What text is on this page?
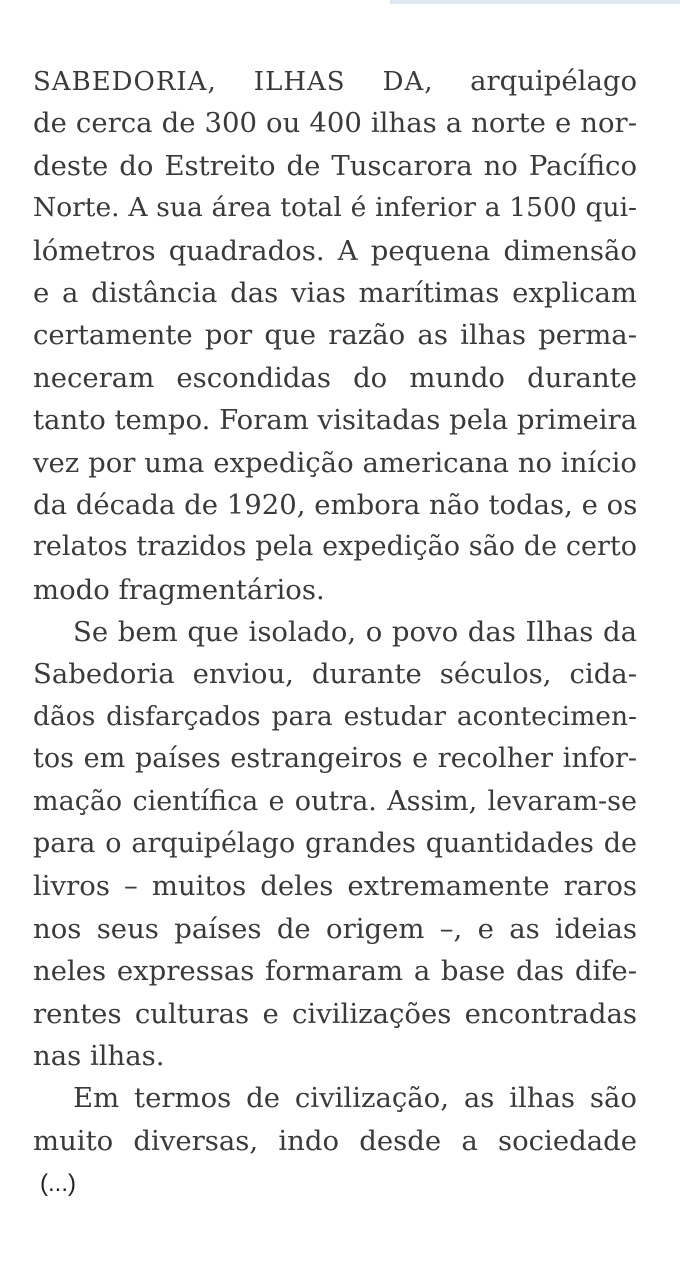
SABEDORIA, ILHAS DA, arquipélago
de cerca de 300 ou 400 ilhas a norte e nor-
deste do Estreito de Tuscarora no Pacífico
Norte. A sua área total é inferior a 1500 qui-
lómetros quadrados. A pequena dimensão
e a distância das vias marítimas explicam
certamente por que razão as ilhas perma-
neceram escondidas do mundo durante
tanto tempo. Foram visitadas pela primeira
vez por uma expedição americana no início
da década de 1920, embora não todas, e os
relatos trazidos pela expedição são de certo
modo fragmentários.
Se bem que isolado, o povo das Ilhas da
Sabedoria enviou, durante séculos, cida-
dãos disfarçados para estudar acontecimen-
tos em países estrangeiros e recolher infor-
mação científica e outra. Assim, levaram-se
para o arquipélago grandes quantidades de
livros – muitos deles extremamente raros
nos seus países de origem –, e as ideias
neles expressas formaram a base das dife-
rentes culturas e civilizações encontradas
nas ilhas.
Em termos de civilização, as ilhas são
muito diversas, indo desde a sociedade
(...)
